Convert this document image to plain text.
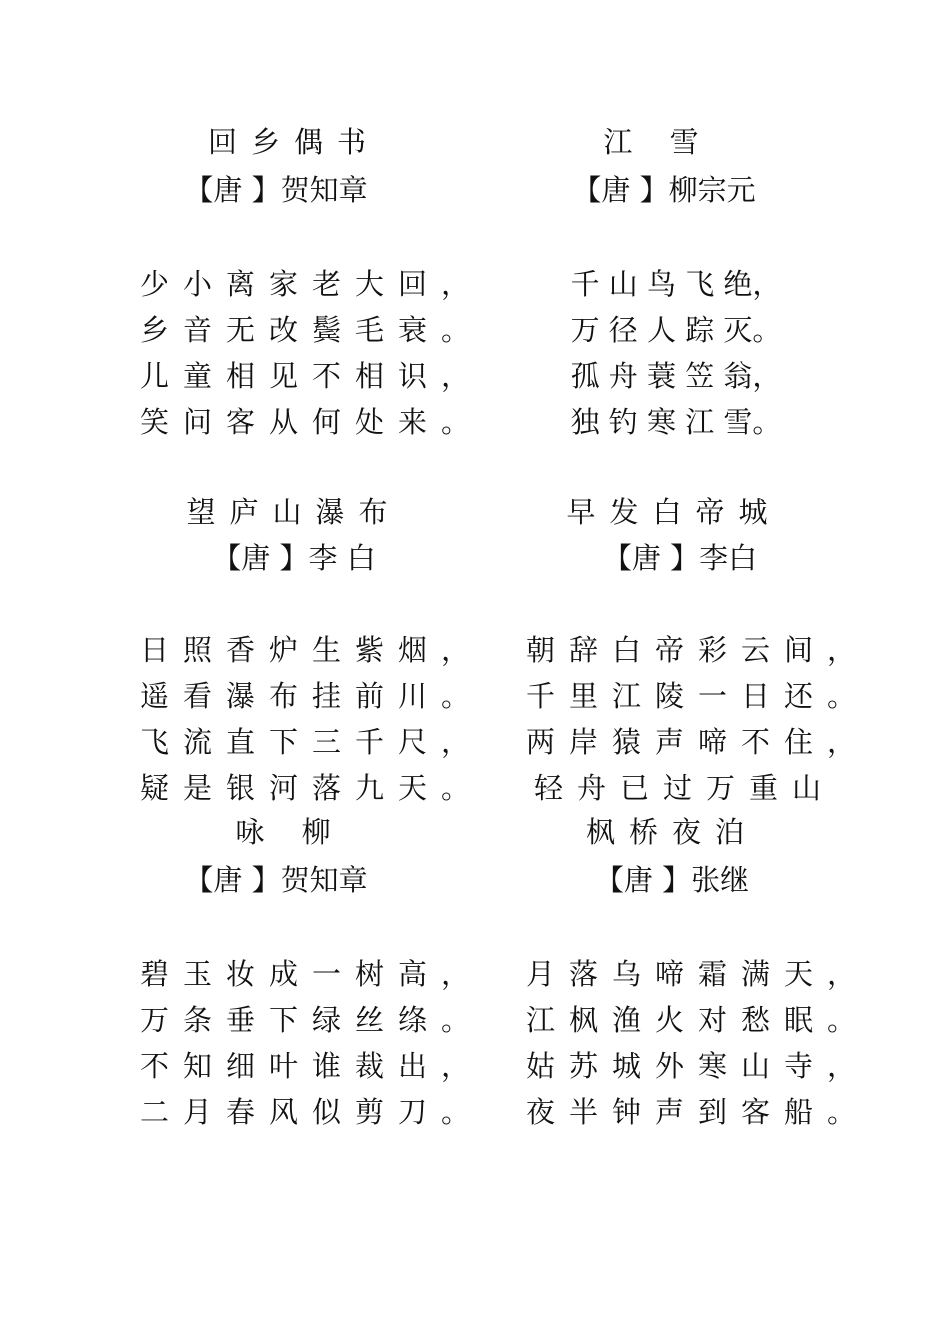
回乡偶书
【唐 】贺知章
少小离家老大回，
乡音无改鬓毛衰。
儿童相见不相识，
笑问客从何处来。
江 雪
【唐 】柳宗元
千 山 鸟 飞 绝，
万 径 人 踪 灭。
孤 舟 蓑 笠 翁，
独 钓 寒 江 雪。
望庐山瀑布
【唐 】李 白
日照香炉生紫烟，
遥看瀑布挂前川。
飞流直下三千尺，
疑是银河落九天。
早发白帝城
【唐 】李白
朝辞白帝彩云间，
千里江陵一日还。
两岸猿声啼不住，
轻舟已过万重山
咏 柳
【唐 】贺知章
碧玉妆成一树高，
万条垂下绿丝绦。
不知细叶谁裁出，
二月春风似剪刀。
枫桥夜泊
【唐 】张继
月落乌啼霜满天，
江枫渔火对愁眠。
姑苏城外寒山寺，
夜半钟声到客船。
